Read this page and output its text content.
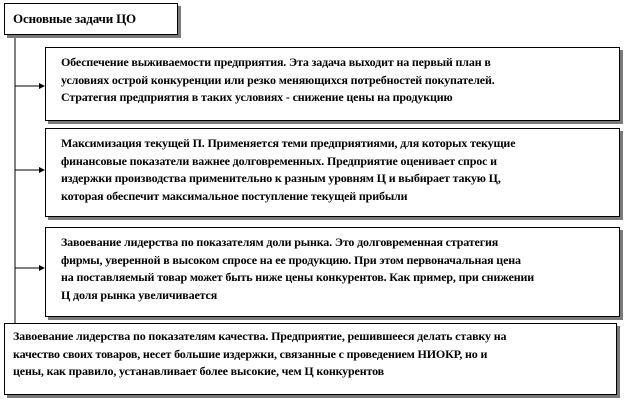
Основные задачи ЦО
Обеспечение выживаемости предприятия. Эта задача выходит на первый план в
условиях острой конкуренции или резко меняющихся потребностей покупателей.
Стратегия предприятия в таких условиях - снижение цены на продукцию
Максимизация текущей П. Применяется теми предприятиями, для которых текущие
финансовые показатели важнее долговременных. Предприятие оценивает спрос и
издержки производства применительно к разным уровням Ц и выбирает такую Ц,
которая обеспечит максимальное поступление текущей прибыли
Завоевание лидерства по показателям доли рынка. Это долговременная стратегия
фирмы, уверенной в высоком спросе на ее продукцию. При этом первоначальная цена
на поставляемый товар может быть ниже цены конкурентов. Как пример, при снижении
Ц доля рынка увеличивается
Завоевание лидерства по показателям качества. Предприятие, решившееся делать ставку на
качество своих товаров, несет большие издержки, связанные с проведением НИОКР, но и
цены, как правило, устанавливает более высокие, чем Ц конкурентов
